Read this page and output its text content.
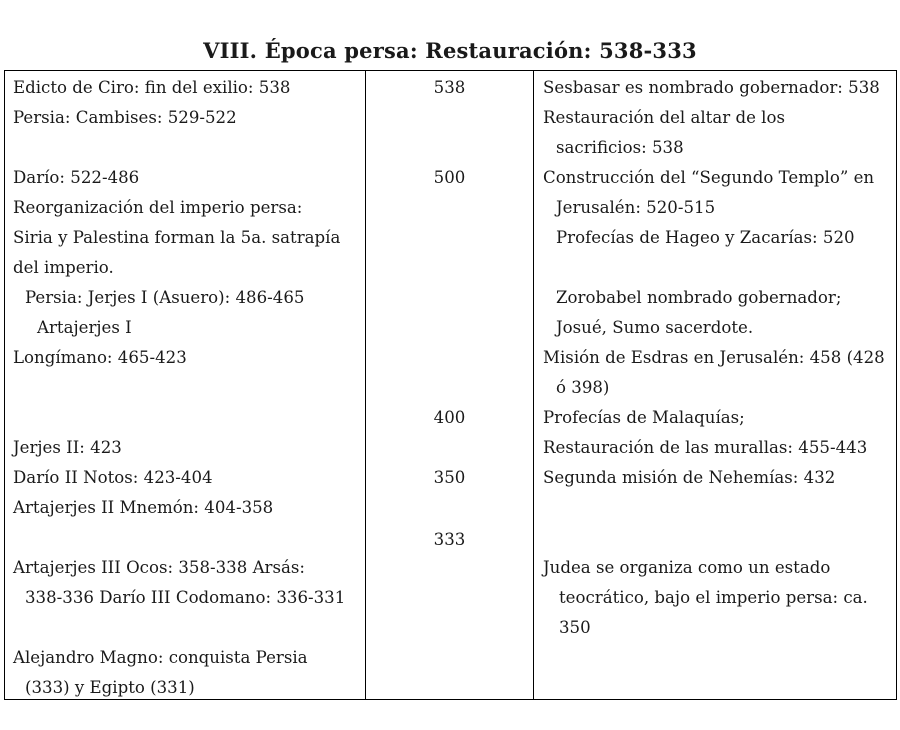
VIII. Época persa: Restauración: 538-333
Edicto de Ciro: fin del exilio: 538
Persia: Cambises: 529-522
Darío: 522-486
Reorganización del imperio persa:
Siria y Palestina forman la 5a. satrapía
del imperio.
Persia: Jerjes I (Asuero): 486-465
Artajerjes I
Longímano: 465-423
Jerjes II: 423
Darío II Notos: 423-404
Artajerjes II Mnemón: 404-358
Artajerjes III Ocos: 358-338 Arsás:
338-336 Darío III Codomano: 336-331
Alejandro Magno: conquista Persia
(333) y Egipto (331)
538
500
400
350
333
Sesbasar es nombrado gobernador: 538
Restauración del altar de los
sacrificios: 538
Construcción del “Segundo Templo” en
Jerusalén: 520-515
Profecías de Hageo y Zacarías: 520
Zorobabel nombrado gobernador;
Josué, Sumo sacerdote.
Misión de Esdras en Jerusalén: 458 (428
ó 398)
Profecías de Malaquías;
Restauración de las murallas: 455-443
Segunda misión de Nehemías: 432
Judea se organiza como un estado
teocrático, bajo el imperio persa: ca.
350
